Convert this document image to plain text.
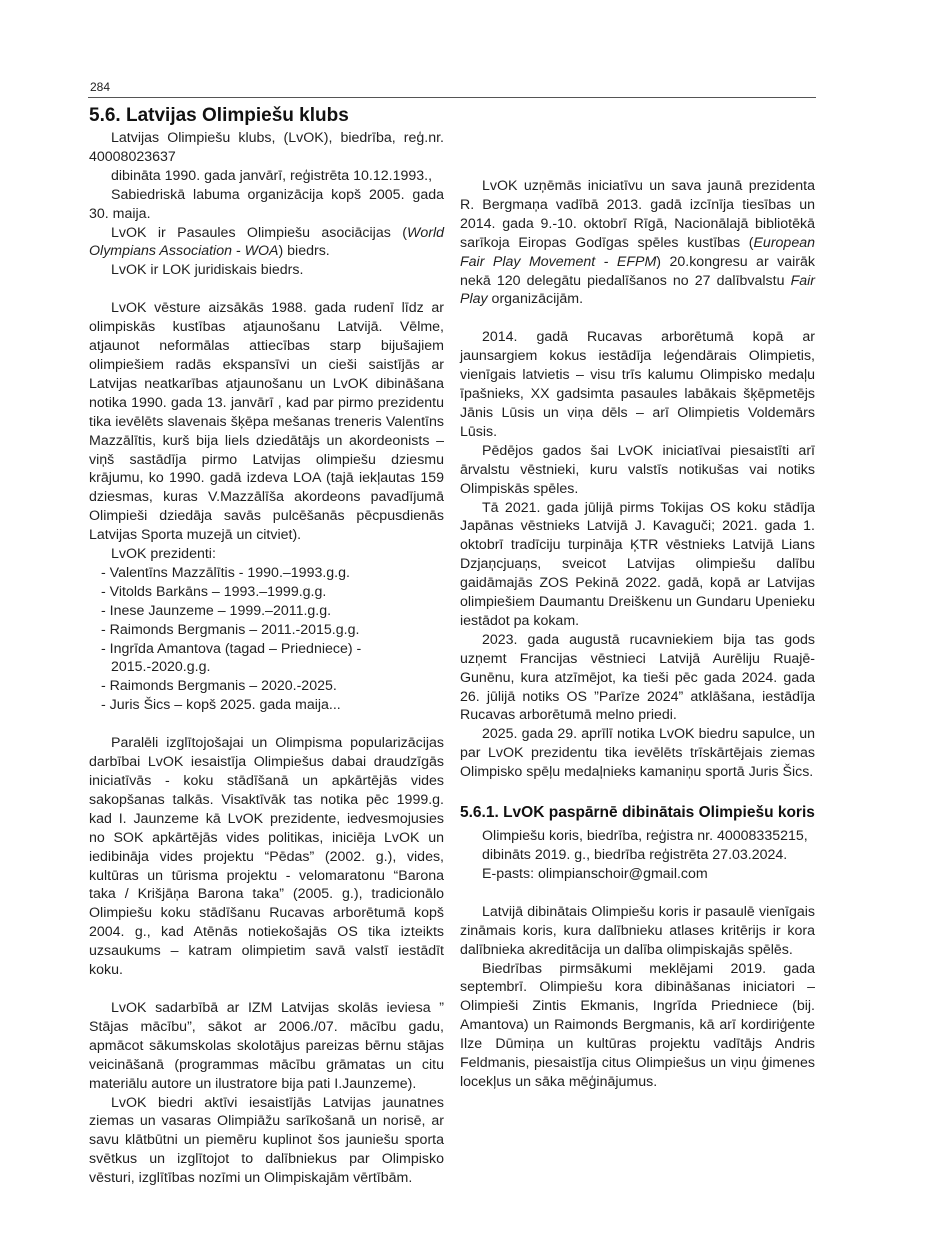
284
5.6. Latvijas Olimpiešu klubs

Latvijas Olimpiešu klubs, (LvOK), biedrība, reģ.nr. 40008023637

dibināta 1990. gada janvārī, reģistrēta 10.12.1993.,

Sabiedriskā labuma organizācija kopš 2005. gada 30. maija.

LvOK ir Pasaules Olimpiešu asociācijas (World Olympians Association - WOA) biedrs.

LvOK ir LOK juridiskais biedrs.

LvOK vēsture aizsākās 1988. gada rudenī līdz ar olimpiskās kustības atjaunošanu Latvijā. Vēlme, atjaunot neformālas attiecības starp bijušajiem olimpiešiem radās ekspansīvi un cieši saistījās ar Latvijas neatkarības atjaunošanu un LvOK dibināšana notika 1990. gada 13. janvārī , kad par pirmo prezidentu tika ievēlēts slavenais šķēpa mešanas treneris Valentīns Mazzālītis, kurš bija liels dziedātājs un akordeonists – viņš sastādīja pirmo Latvijas olimpiešu dziesmu krājumu, ko 1990. gadā izdeva LOA (tajā iekļautas 159 dziesmas, kuras V.Mazzālīša akordeons pavadījumā Olimpieši dziedāja savās pulcēšanās pēcpusdienās Latvijas Sporta muzejā un citviet).

LvOK prezidenti:

- Valentīns Mazzālītis - 1990.–1993.g.g.
- Vitolds Barkāns – 1993.–1999.g.g.
- Inese Jaunzeme – 1999.–2011.g.g.
- Raimonds Bergmanis – 2011.-2015.g.g.
- Ingrīda Amantova (tagad – Priedniece) - 2015.-2020.g.g.
- Raimonds Bergmanis – 2020.-2025.
- Juris Šics – kopš 2025. gada maija...

Paralēli izglītojošajai un Olimpisma popularizācijas darbībai LvOK iesaistīja Olimpiešus dabai draudzīgās iniciatīvās - koku stādīšanā un apkārtējās vides sakopšanas talkās. Visaktīvāk tas notika pēc 1999.g. kad I. Jaunzeme kā LvOK prezidente, iedvesmojusies no SOK apkārtējās vides politikas, iniciēja LvOK un iedibināja vides projektu “Pēdas” (2002. g.), vides, kultūras un tūrisma projektu - velomaratonu “Barona taka / Krišjāņa Barona taka” (2005. g.), tradicionālo Olimpiešu koku stādīšanu Rucavas arborētumā kopš 2004. g., kad Atēnās notiekošajās OS tika izteikts uzsaukums – katram olimpietim savā valstī iestādīt koku.

LvOK sadarbībā ar IZM Latvijas skolās ieviesa ” Stājas mācību”, sākot ar 2006./07. mācību gadu, apmācot sākumskolas skolotājus pareizas bērnu stājas veicināšanā (programmas mācību grāmatas un citu materiālu autore un ilustratore bija pati I.Jaunzeme).

LvOK biedri aktīvi iesaistījās Latvijas jaunatnes ziemas un vasaras Olimpiāžu sarīkošanā un norisē, ar savu klātbūtni un piemēru kuplinot šos jauniešu sporta svētkus un izglītojot to dalībniekus par Olimpisko vēsturi, izglītības nozīmi un Olimpiskajām vērtībām.

LvOK uzņēmās iniciatīvu un sava jaunā prezidenta R. Bergmaņa vadībā 2013. gadā izcīnīja tiesības un 2014. gada 9.-10. oktobrī Rīgā, Nacionālajā bibliotēkā sarīkoja Eiropas Godīgas spēles kustības (European Fair Play Movement - EFPM) 20.kongresu ar vairāk nekā 120 delegātu piedalīšanos no 27 dalībvalstu Fair Play organizācijām.

2014. gadā Rucavas arborētumā kopā ar jaunsargiem kokus iestādīja leģendārais Olimpietis, vienīgais latvietis – visu trīs kalumu Olimpisko medaļu īpašnieks, XX gadsimta pasaules labākais šķēpmetējs Jānis Lūsis un viņa dēls – arī Olimpietis Voldemārs Lūsis.

Pēdējos gados šai LvOK iniciatīvai piesaistīti arī ārvalstu vēstnieki, kuru valstīs notikušas vai notiks Olimpiskās spēles.

Tā 2021. gada jūlijā pirms Tokijas OS koku stādīja Japānas vēstnieks Latvijā J. Kavaguči; 2021. gada 1. oktobrī tradīciju turpināja ĶTR vēstnieks Latvijā Lians Dzjaņcjuaņs, sveicot Latvijas olimpiešu dalību gaidāmajās ZOS Pekinā 2022. gadā, kopā ar Latvijas olimpiešiem Daumantu Dreiškenu un Gundaru Upenieku iestādot pa kokam.

2023. gada augustā rucavniekiem bija tas gods uzņemt Francijas vēstnieci Latvijā Aurēliju Ruajē-Gunēnu, kura atzīmējot, ka tieši pēc gada 2024. gada 26. jūlijā notiks OS ”Parīze 2024” atklāšana, iestādīja Rucavas arborētumā melno priedi.

2025. gada 29. aprīlī notika LvOK biedru sapulce, un par LvOK prezidentu tika ievēlēts trīskārtējais ziemas Olimpisko spēļu medaļnieks kamaniņu sportā Juris Šics.

5.6.1. LvOK paspārnē dibinātais Olimpiešu koris

Olimpiešu koris, biedrība, reģistra nr. 40008335215,

dibināts 2019. g., biedrība reģistrēta 27.03.2024.

E-pasts: olimpianschoir@gmail.com

Latvijā dibinātais Olimpiešu koris ir pasaulē vienīgais zināmais koris, kura dalībnieku atlases kritērijs ir kora dalībnieka akreditācija un dalība olimpiskajās spēlēs.

Biedrības pirmsākumi meklējami 2019. gada septembrī. Olimpiešu kora dibināšanas iniciatori – Olimpieši Zintis Ekmanis, Ingrīda Priedniece (bij. Amantova) un Raimonds Bergmanis, kā arī kordiriģente Ilze Dūmiņa un kultūras projektu vadītājs Andris Feldmanis, piesaistīja citus Olimpiešus un viņu ģimenes locekļus un sāka mēģinājumus.
